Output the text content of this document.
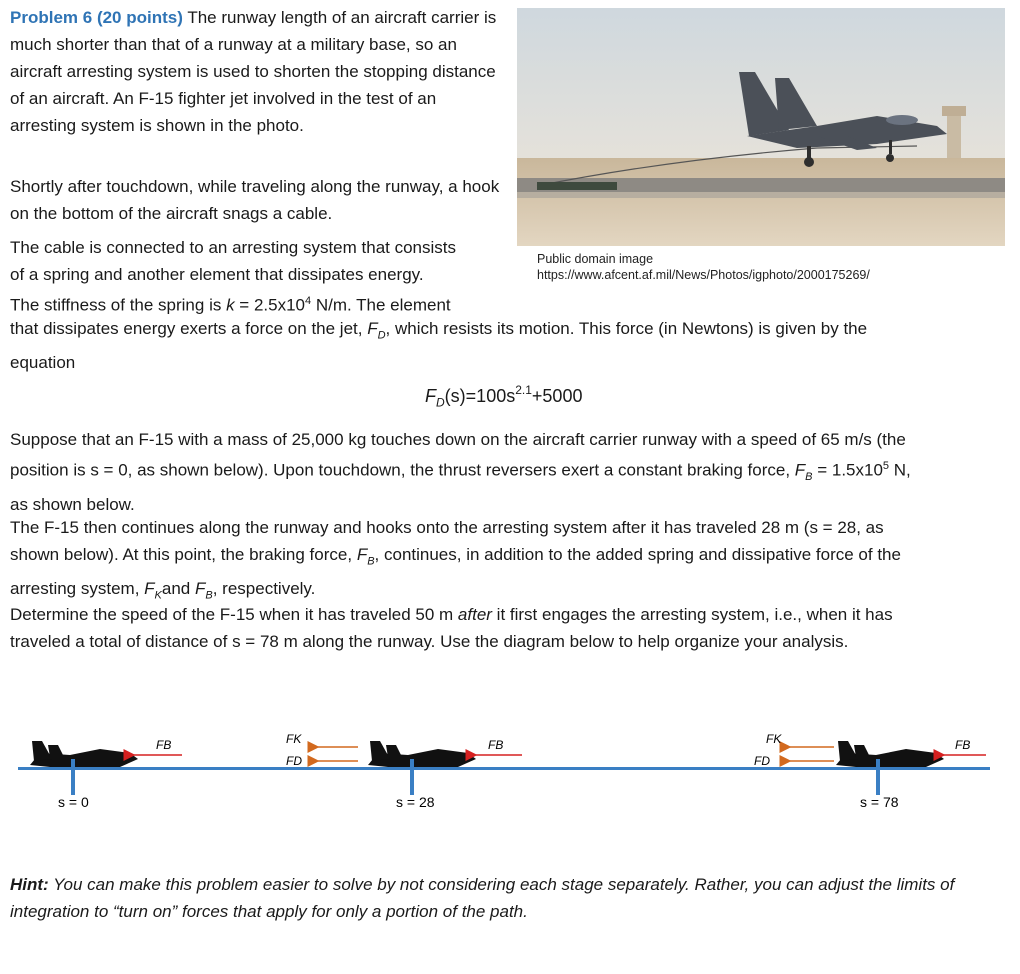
Problem 6 (20 points) The runway length of an aircraft carrier is much shorter than that of a runway at a military base, so an aircraft arresting system is used to shorten the stopping distance of an aircraft. An F-15 fighter jet involved in the test of an arresting system is shown in the photo.

Shortly after touchdown, while traveling along the runway, a hook on the bottom of the aircraft snags a cable.

The cable is connected to an arresting system that consists
of a spring and another element that dissipates energy.
The stiffness of the spring is $k = 2.5x10^4$ N/m. The element

that dissipates energy exerts a force on the jet, $F_D$, which resists its motion. This force (in Newtons) is given by the
equation

Public domain image
https://www.afcent.af.mil/News/Photos/igphoto/2000175269/
$F_D(s)=100s^{2.1}+5000$

Suppose that an F-15 with a mass of 25,000 kg touches down on the aircraft carrier runway with a speed of 65 m/s (the
position is s = 0, as shown below). Upon touchdown, the thrust reversers exert a constant braking force, $F_B = 1.5x10^5$ N,
as shown below.

The F-15 then continues along the runway and hooks onto the arresting system after it has traveled 28 m (s = 28, as
shown below). At this point, the braking force, $F_B$, continues, in addition to the added spring and dissipative force of the
arresting system, $F_Kand$ $F_B$, respectively.

Determine the speed of the F-15 when it has traveled 50 m after it first engages the arresting system, i.e., when it has
traveled a total of distance of s = 78 m along the runway. Use the diagram below to help organize your analysis.

FB	FK
FD
FB	FK
FD
FB
s = 0	s = 28	s = 78

Hint: You can make this problem easier to solve by not considering each stage separately. Rather, you can adjust the limits of integration to “turn on” forces that apply for only a portion of the path.
